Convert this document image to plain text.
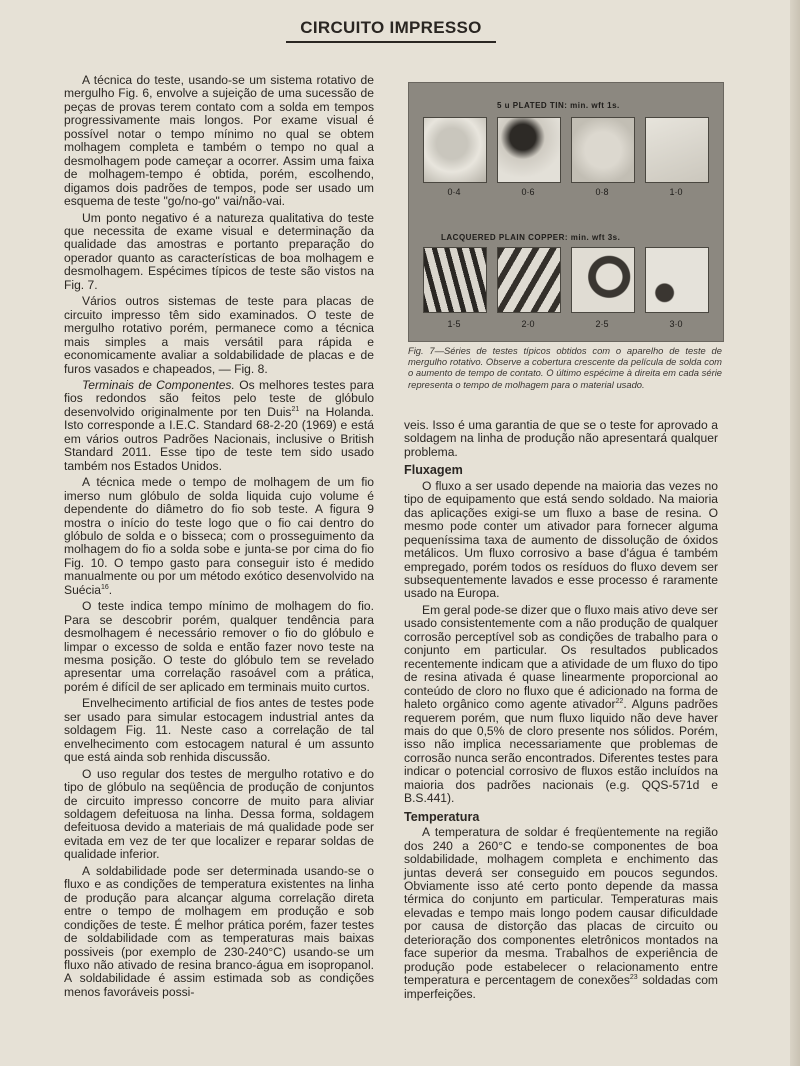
CIRCUITO IMPRESSO

A técnica do teste, usando-se um sistema rotativo de mergulho Fig. 6, envolve a sujeição de uma sucessão de peças de provas terem contato com a solda em tempos progressivamente mais longos. Por exame visual é possível notar o tempo mínimo no qual se obtem molhagem completa e também o tempo no qual a desmolhagem pode cameçar a ocorrer. Assim uma faixa de molhagem-tempo é obtida, porém, escolhendo, digamos dois padrões de tempos, pode ser usado um esquema de teste "go/no-go" vai/não-vai.

Um ponto negativo é a natureza qualitativa do teste que necessita de exame visual e determinação da qualidade das amostras e portanto preparação do operador quanto as características de boa molhagem e desmolhagem. Espécimes típicos de teste são vistos na Fig. 7.

Vários outros sistemas de teste para placas de circuito impresso têm sido examinados. O teste de mergulho rotativo porém, permanece como a técnica mais simples a mais versátil para rápida e economicamente avaliar a soldabilidade de placas e de furos vasados e chapeados, — Fig. 8.

Terminais de Componentes. Os melhores testes para fios redondos são feitos pelo teste de glóbulo desenvolvido originalmente por ten Duis$^{21}$ na Holanda. Isto corresponde a I.E.C. Standard 68-2-20 (1969) e está em vários outros Padrões Nacionais, inclusive o British Standard 2011. Esse tipo de teste tem sido usado também nos Estados Unidos.

A técnica mede o tempo de molhagem de um fio imerso num glóbulo de solda liquida cujo volume é dependente do diâmetro do fio sob teste. A figura 9 mostra o início do teste logo que o fio cai dentro do glóbulo de solda e o bisseca; com o prosseguimento da molhagem do fio a solda sobe e junta-se por cima do fio Fig. 10. O tempo gasto para conseguir isto é medido manualmente ou por um método exótico desenvolvido na Suécia$^{16}$.

O teste indica tempo mínimo de molhagem do fio. Para se descobrir porém, qualquer tendência para desmolhagem é necessário remover o fio do glóbulo e limpar o excesso de solda e então fazer novo teste na mesma posição. O teste do glóbulo tem se revelado apresentar uma correlação rasoável com a prática, porém é difícil de ser aplicado em terminais muito curtos.

Envelhecimento artificial de fios antes de testes pode ser usado para simular estocagem industrial antes da soldagem Fig. 11. Neste caso a correlação de tal envelhecimento com estocagem natural é um assunto que está ainda sob renhida discussão.

O uso regular dos testes de mergulho rotativo e do tipo de glóbulo na seqüência de produção de conjuntos de circuito impresso concorre de muito para aliviar soldagem defeituosa na linha. Dessa forma, soldagem defeituosa devido a materiais de má qualidade pode ser evitada em vez de ter que localizer e reparar soldas de qualidade inferior.

A soldabilidade pode ser determinada usando-se o fluxo e as condições de temperatura existentes na linha de produção para alcançar alguma correlação direta entre o tempo de molhagem em produção e sob condições de teste. É melhor prática porém, fazer testes de soldabilidade com as temperaturas mais baixas possiveis (por exemplo de 230-240°C) usando-se um fluxo não ativado de resina branco-água em isopropanol. A soldabilidade é assim estimada sob as condições menos favoráveis possi-

5 u PLATED TIN: min. wft 1s.
0·4	0·6	0·8	1·0
LACQUERED PLAIN COPPER: min. wft 3s.
1·5	2·0	2·5	3·0
Fig. 7—Séries de testes típicos obtidos com o aparelho de teste de mergulho rotativo. Observe a cobertura crescente da película de solda com o aumento de tempo de contato. O último espécime à direita em cada série representa o tempo de molhagem para o material usado.

veis. Isso é uma garantia de que se o teste for aprovado a soldagem na linha de produção não apresentará qualquer problema.

Fluxagem

O fluxo a ser usado depende na maioria das vezes no tipo de equipamento que está sendo soldado. Na maioria das aplicações exigi-se um fluxo a base de resina. O mesmo pode conter um ativador para fornecer alguma pequeníssima taxa de aumento de dissolução de óxidos metálicos. Um fluxo corrosivo a base d'água é também empregado, porém todos os resíduos do fluxo devem ser subsequentemente lavados e esse processo é raramente usado na Europa.

Em geral pode-se dizer que o fluxo mais ativo deve ser usado consistentemente com a não produção de qualquer corrosão perceptível sob as condições de trabalho para o conjunto em particular. Os resultados publicados recentemente indicam que a atividade de um fluxo do tipo de resina ativada é quase linearmente proporcional ao conteúdo de cloro no fluxo que é adicionado na forma de haleto orgânico como agente ativador$^{22}$. Alguns padrões requerem porém, que num fluxo liquido não deve haver mais do que 0,5% de cloro presente nos sólidos. Porém, isso não implica necessariamente que problemas de corrosão nunca serão encontrados. Diferentes testes para indicar o potencial corrosivo de fluxos estão incluídos na maioria dos padrões nacionais (e.g. QQS-571d e B.S.441).

Temperatura

A temperatura de soldar é freqüentemente na região dos 240 a 260°C e tendo-se componentes de boa soldabilidade, molhagem completa e enchimento das juntas deverá ser conseguido em poucos segundos. Obviamente isso até certo ponto depende da massa térmica do conjunto em particular. Temperaturas mais elevadas e tempo mais longo podem causar dificuldade por causa de distorção das placas de circuito ou deterioração dos componentes eletrônicos montados na face superior da mesma. Trabalhos de experiência de produção pode estabelecer o relacionamento entre temperatura e percentagem de conexões$^{23}$ soldadas com imperfeições.
